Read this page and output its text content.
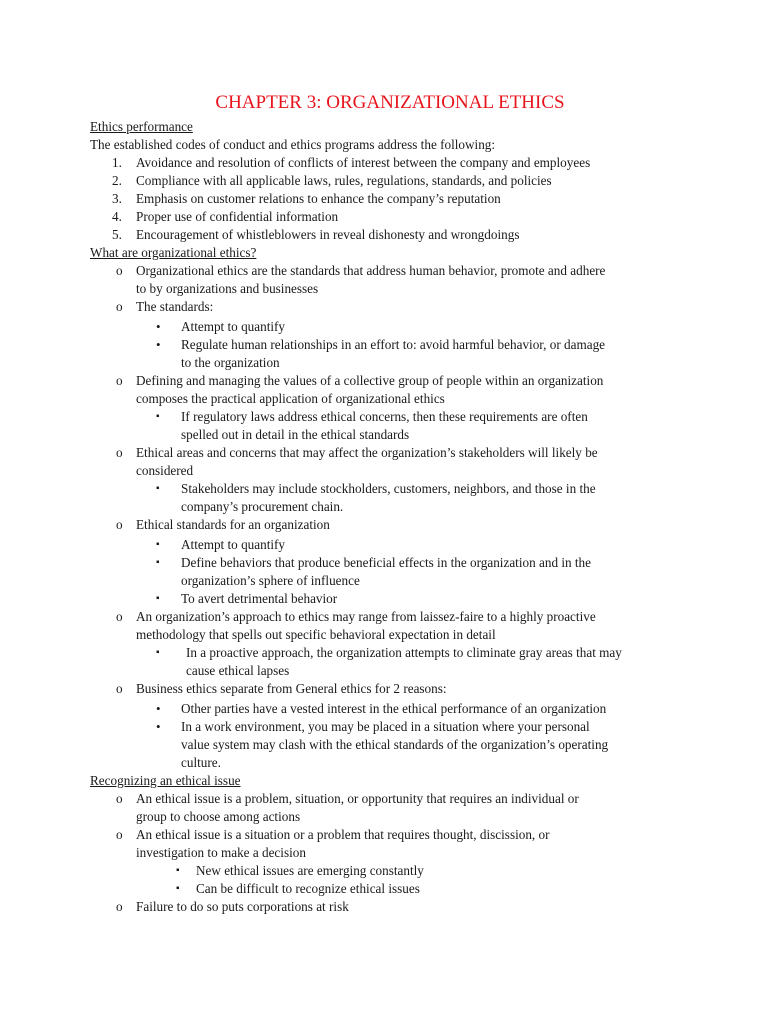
CHAPTER 3: ORGANIZATIONAL ETHICS
Ethics performance
The established codes of conduct and ethics programs address the following:
1. Avoidance and resolution of conflicts of interest between the company and employees
2. Compliance with all applicable laws, rules, regulations, standards, and policies
3. Emphasis on customer relations to enhance the company’s reputation
4. Proper use of confidential information
5. Encouragement of whistleblowers in reveal dishonesty and wrongdoings
What are organizational ethics?
o Organizational ethics are the standards that address human behavior, promote and adhere
to by organizations and businesses
o The standards:
• Attempt to quantify
• Regulate human relationships in an effort to: avoid harmful behavior, or damage
to the organization
o Defining and managing the values of a collective group of people within an organization
composes the practical application of organizational ethics
▪ If regulatory laws address ethical concerns, then these requirements are often
spelled out in detail in the ethical standards
o Ethical areas and concerns that may affect the organization’s stakeholders will likely be
considered
▪ Stakeholders may include stockholders, customers, neighbors, and those in the
company’s procurement chain.
o Ethical standards for an organization
▪ Attempt to quantify
▪ Define behaviors that produce beneficial effects in the organization and in the
organization’s sphere of influence
▪ To avert detrimental behavior
o An organization’s approach to ethics may range from laissez-faire to a highly proactive
methodology that spells out specific behavioral expectation in detail
▪ In a proactive approach, the organization attempts to climinate gray areas that may
cause ethical lapses
o Business ethics separate from General ethics for 2 reasons:
• Other parties have a vested interest in the ethical performance of an organization
• In a work environment, you may be placed in a situation where your personal
value system may clash with the ethical standards of the organization’s operating
culture.
Recognizing an ethical issue
o An ethical issue is a problem, situation, or opportunity that requires an individual or
group to choose among actions
o An ethical issue is a situation or a problem that requires thought, discission, or
investigation to make a decision
▪	New ethical issues are emerging constantly
▪	Can be difficult to recognize ethical issues
o Failure to do so puts corporations at risk
